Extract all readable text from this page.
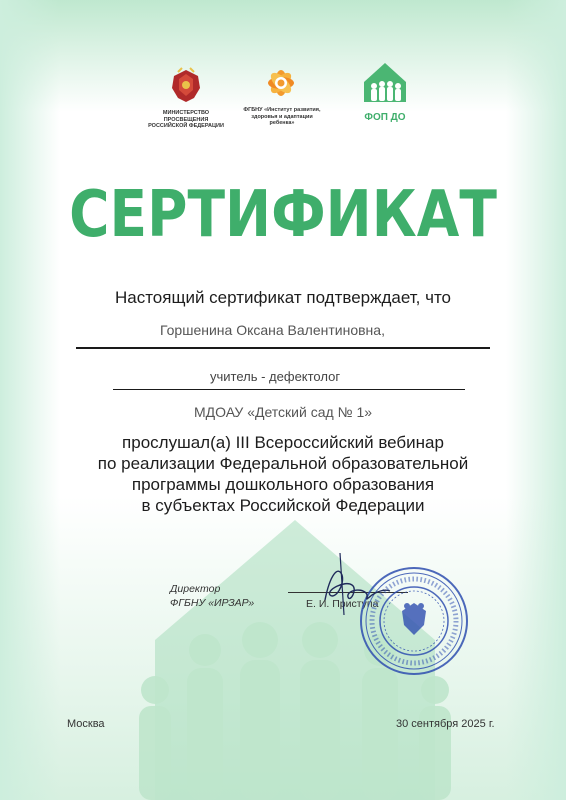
МИНИСТЕРСТВО ПРОСВЕЩЕНИЯ
РОССИЙСКОЙ ФЕДЕРАЦИИ
ФГБНУ «Институт развития,
здоровья и адаптации
ребенка»	ФОП ДО
СЕРТИФИКАТ
Настоящий сертификат подтверждает, что
Горшенина Оксана Валентиновна,
учитель - дефектолог
МДОАУ «Детский сад № 1»
прослушал(а) III Всероссийский вебинар
по реализации Федеральной образовательной
программы дошкольного образования
в субъектах Российской Федерации
Директор
ФГБНУ «ИРЗАР»	Е. И. Приступа
Москва	30 сентября 2025 г.
